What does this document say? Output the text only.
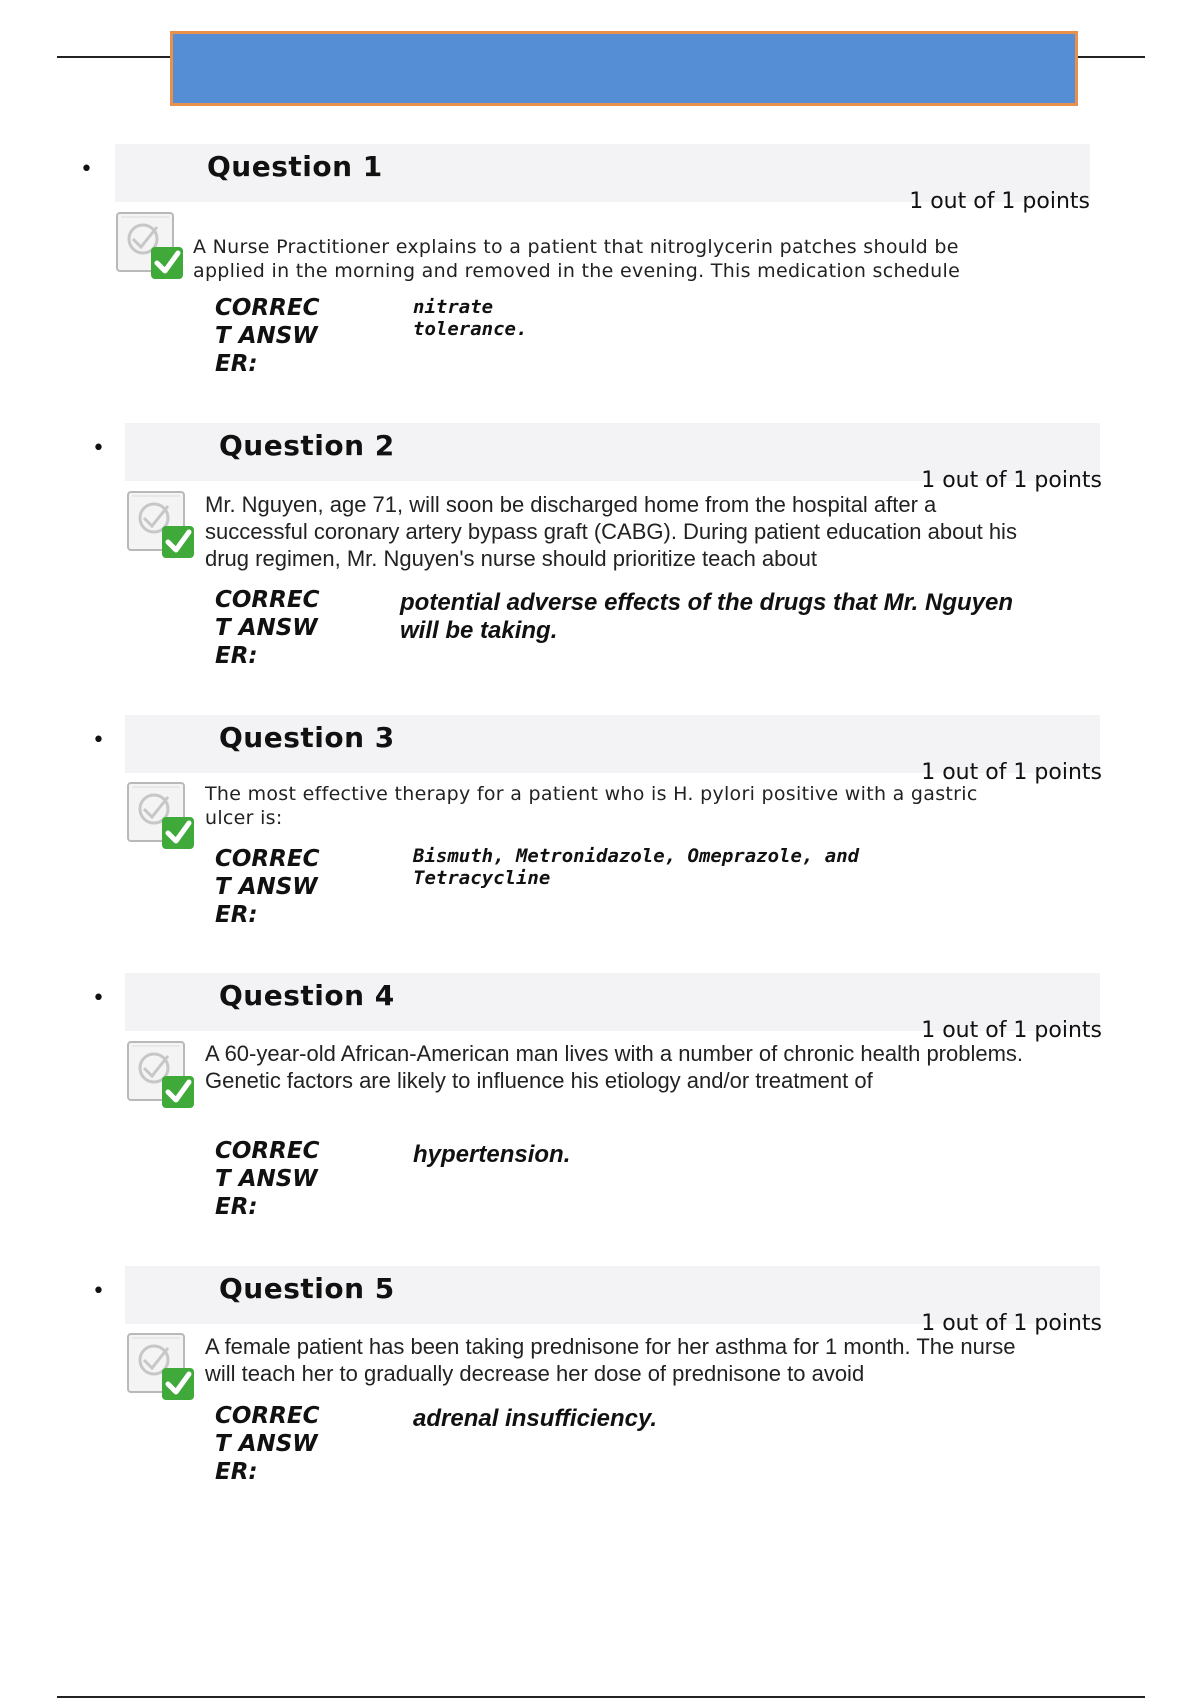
•	Question 1
1 out of 1 points
A Nurse Practitioner explains to a patient that nitroglycerin patches should be applied in the morning and removed in the evening. This medication schedule
CORRECT ANSWER:
nitrate tolerance.
•	Question 2
1 out of 1 points
Mr. Nguyen, age 71, will soon be discharged home from the hospital after a successful coronary artery bypass graft (CABG). During patient education about his drug regimen, Mr. Nguyen's nurse should prioritize teach about
CORRECT ANSWER:
potential adverse effects of the drugs that Mr. Nguyen will be taking.
•	Question 3
1 out of 1 points
The most effective therapy for a patient who is H. pylori positive with a gastric ulcer is:
CORRECT ANSWER:
Bismuth, Metronidazole, Omeprazole, and Tetracycline
•	Question 4
1 out of 1 points
A 60-year-old African-American man lives with a number of chronic health problems. Genetic factors are likely to influence his etiology and/or treatment of
CORRECT ANSWER:
hypertension.
•	Question 5
1 out of 1 points
A female patient has been taking prednisone for her asthma for 1 month. The nurse will teach her to gradually decrease her dose of prednisone to avoid
CORRECT ANSWER:
adrenal insufficiency.
